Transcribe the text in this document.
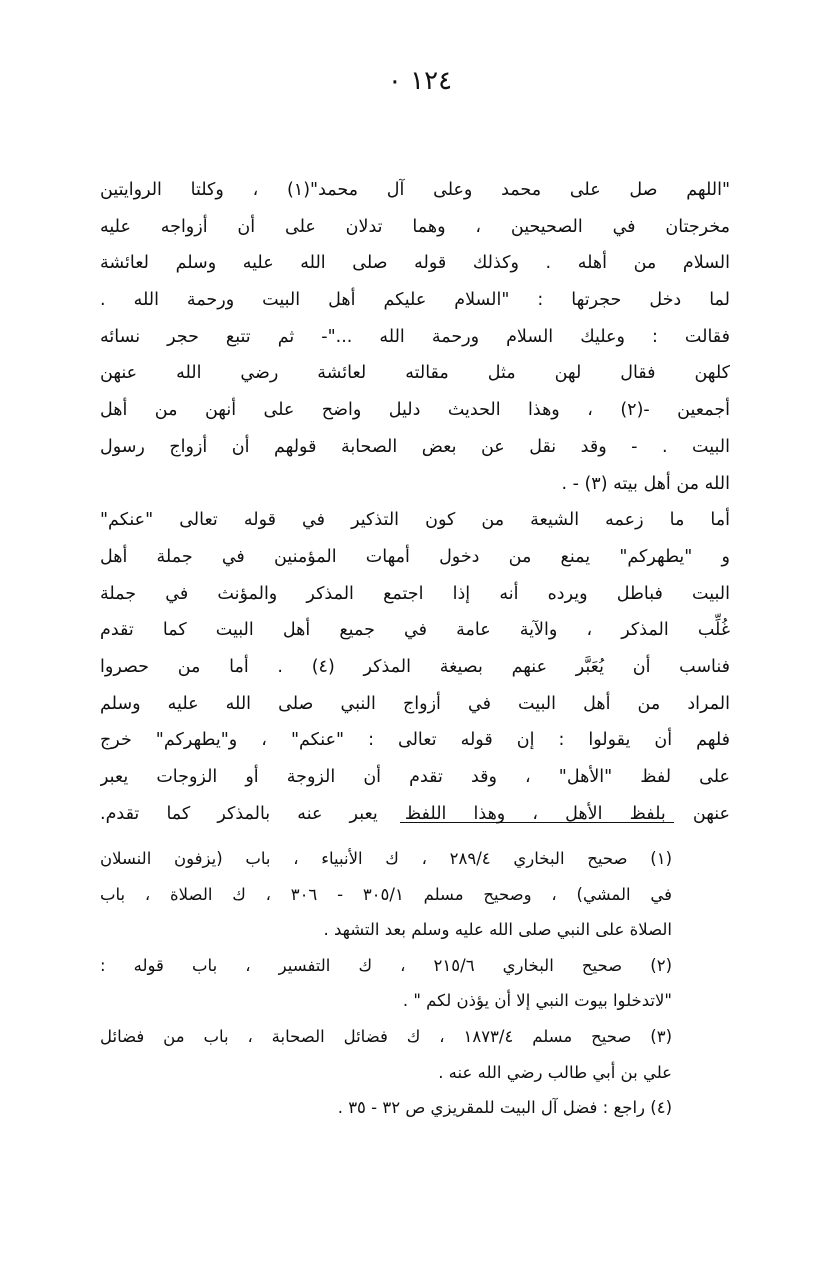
١٢٤ ٠
"اللهم صل على محمد وعلى آل محمد"(١) ، وكلتا الروايتين
مخرجتان في الصحيحين ، وهما تدلان على أن أزواجه عليه
السلام من أهله . وكذلك قوله صلى الله عليه وسلم لعائشة
لما دخل حجرتها : "السلام عليكم أهل البيت ورحمة الله .
فقالت : وعليك السلام ورحمة الله ..."- ثم تتبع حجر نسائه
كلهن فقال لهن مثل مقالته لعائشة رضي الله عنهن
أجمعين -(٢) ، وهذا الحديث دليل واضح على أنهن من أهل
البيت . - وقد نقل عن بعض الصحابة قولهم أن أزواج رسول
الله من أهل بيته (٣) - .
أما ما زعمه الشيعة من كون التذكير في قوله تعالى "عنكم"
و "يطهركم" يمنع من دخول أمهات المؤمنين في جملة أهل
البيت فباطل ويرده أنه إذا اجتمع المذكر والمؤنث في جملة
غُلِّب المذكر ، والآية عامة في جميع أهل البيت كما تقدم
فناسب أن يُعَبَّر عنهم بصيغة المذكر (٤) . أما من حصروا
المراد من أهل البيت في أزواج النبي صلى الله عليه وسلم
فلهم أن يقولوا : إن قوله تعالى : "عنكم" ، و"يطهركم" خرج
على لفظ "الأهل" ، وقد تقدم أن الزوجة أو الزوجات يعبر
عنهن بلفظ الأهل ، وهذا اللفظ يعبر عنه بالمذكر كما تقدم.
(١) صحيح البخاري ٢٨٩/٤ ، ك الأنبياء ، باب (يزفون النسلان
في المشي) ، وصحيح مسلم ٣٠٥/١ - ٣٠٦ ، ك الصلاة ، باب
الصلاة على النبي صلى الله عليه وسلم بعد التشهد .
(٢) صحيح البخاري ٢١٥/٦ ، ك التفسير ، باب قوله :
"لاتدخلوا بيوت النبي إلا أن يؤذن لكم " .
(٣) صحيح مسلم ١٨٧٣/٤ ، ك فضائل الصحابة ، باب من فضائل
علي بن أبي طالب رضي الله عنه .
(٤) راجع : فضل آل البيت للمقريزي ص ٣٢ - ٣٥ .
